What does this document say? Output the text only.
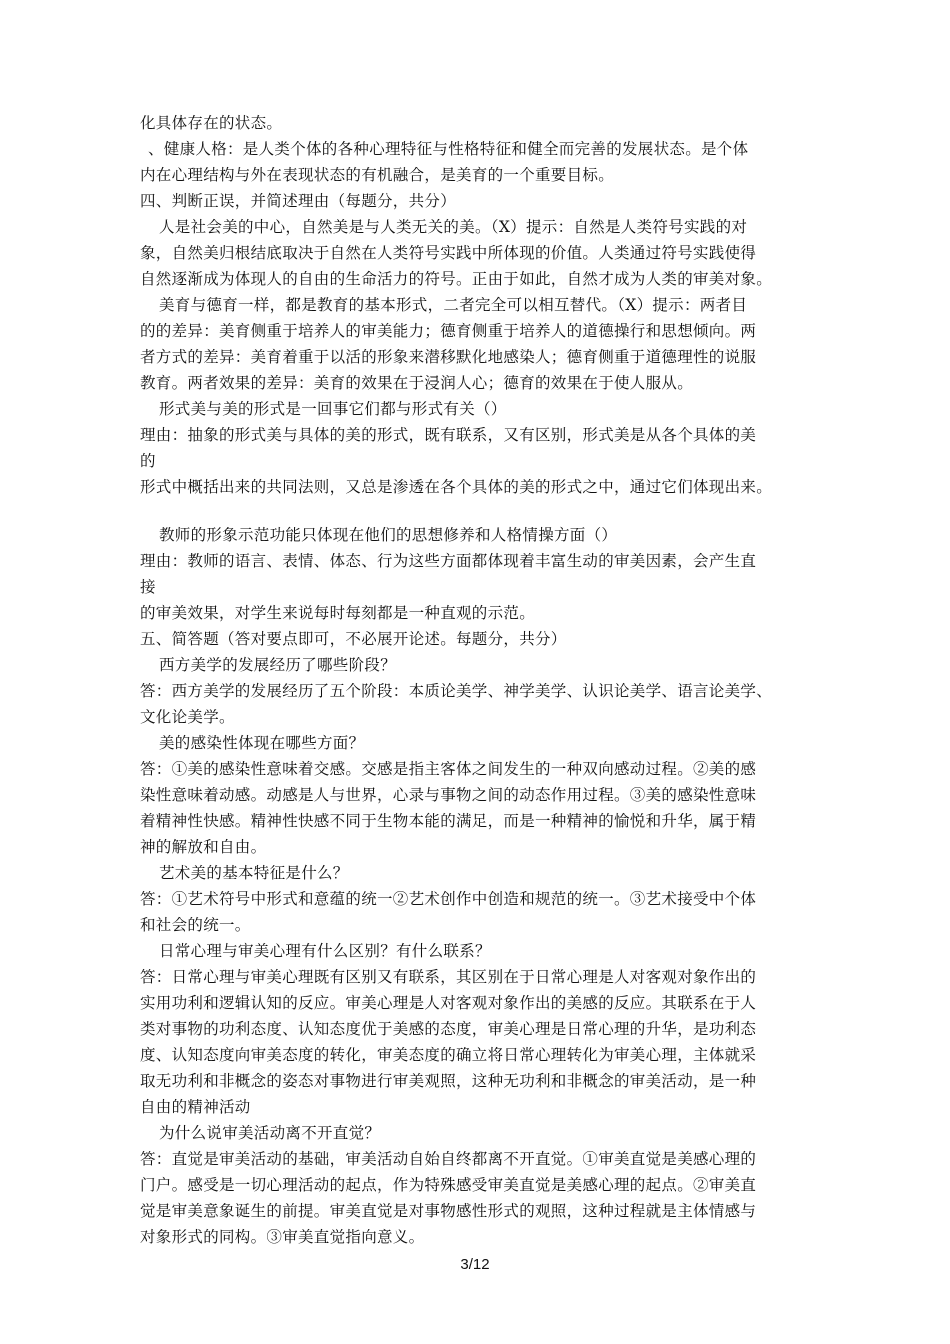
化具体存在的状态。
、健康人格：是人类个体的各种心理特征与性格特征和健全而完善的发展状态。是个体
内在心理结构与外在表现状态的有机融合，是美育的一个重要目标。
四、判断正误，并简述理由（每题分，共分）
人是社会美的中心，自然美是与人类无关的美。（X）提示：自然是人类符号实践的对
象，自然美归根结底取决于自然在人类符号实践中所体现的价值。人类通过符号实践使得
自然逐渐成为体现人的自由的生命活力的符号。正由于如此，自然才成为人类的审美对象。
美育与德育一样，都是教育的基本形式，二者完全可以相互替代。（X）提示：两者目
的的差异：美育侧重于培养人的审美能力；德育侧重于培养人的道德操行和思想倾向。两
者方式的差异：美育着重于以活的形象来潜移默化地感染人；德育侧重于道德理性的说服
教育。两者效果的差异：美育的效果在于浸润人心；德育的效果在于使人服从。
形式美与美的形式是一回事它们都与形式有关（）
理由：抽象的形式美与具体的美的形式，既有联系，又有区别，形式美是从各个具体的美
的
形式中概括出来的共同法则，又总是渗透在各个具体的美的形式之中，通过它们体现出来。
教师的形象示范功能只体现在他们的思想修养和人格情操方面（）
理由：教师的语言、表情、体态、行为这些方面都体现着丰富生动的审美因素，会产生直
接
的审美效果，对学生来说每时每刻都是一种直观的示范。
五、简答题（答对要点即可，不必展开论述。每题分，共分）
西方美学的发展经历了哪些阶段？
答：西方美学的发展经历了五个阶段：本质论美学、神学美学、认识论美学、语言论美学、
文化论美学。
美的感染性体现在哪些方面？
答：①美的感染性意味着交感。交感是指主客体之间发生的一种双向感动过程。②美的感
染性意味着动感。动感是人与世界，心录与事物之间的动态作用过程。③美的感染性意味
着精神性快感。精神性快感不同于生物本能的满足，而是一种精神的愉悦和升华，属于精
神的解放和自由。
艺术美的基本特征是什么？
答：①艺术符号中形式和意蕴的统一②艺术创作中创造和规范的统一。③艺术接受中个体
和社会的统一。
日常心理与审美心理有什么区别？有什么联系？
答：日常心理与审美心理既有区别又有联系，其区别在于日常心理是人对客观对象作出的
实用功利和逻辑认知的反应。审美心理是人对客观对象作出的美感的反应。其联系在于人
类对事物的功利态度、认知态度优于美感的态度，审美心理是日常心理的升华，是功利态
度、认知态度向审美态度的转化，审美态度的确立将日常心理转化为审美心理，主体就采
取无功利和非概念的姿态对事物进行审美观照，这种无功利和非概念的审美活动，是一种
自由的精神活动
为什么说审美活动离不开直觉？
答：直觉是审美活动的基础，审美活动自始自终都离不开直觉。①审美直觉是美感心理的
门户。感受是一切心理活动的起点，作为特殊感受审美直觉是美感心理的起点。②审美直
觉是审美意象诞生的前提。审美直觉是对事物感性形式的观照，这种过程就是主体情感与
对象形式的同构。③审美直觉指向意义。
3/12
